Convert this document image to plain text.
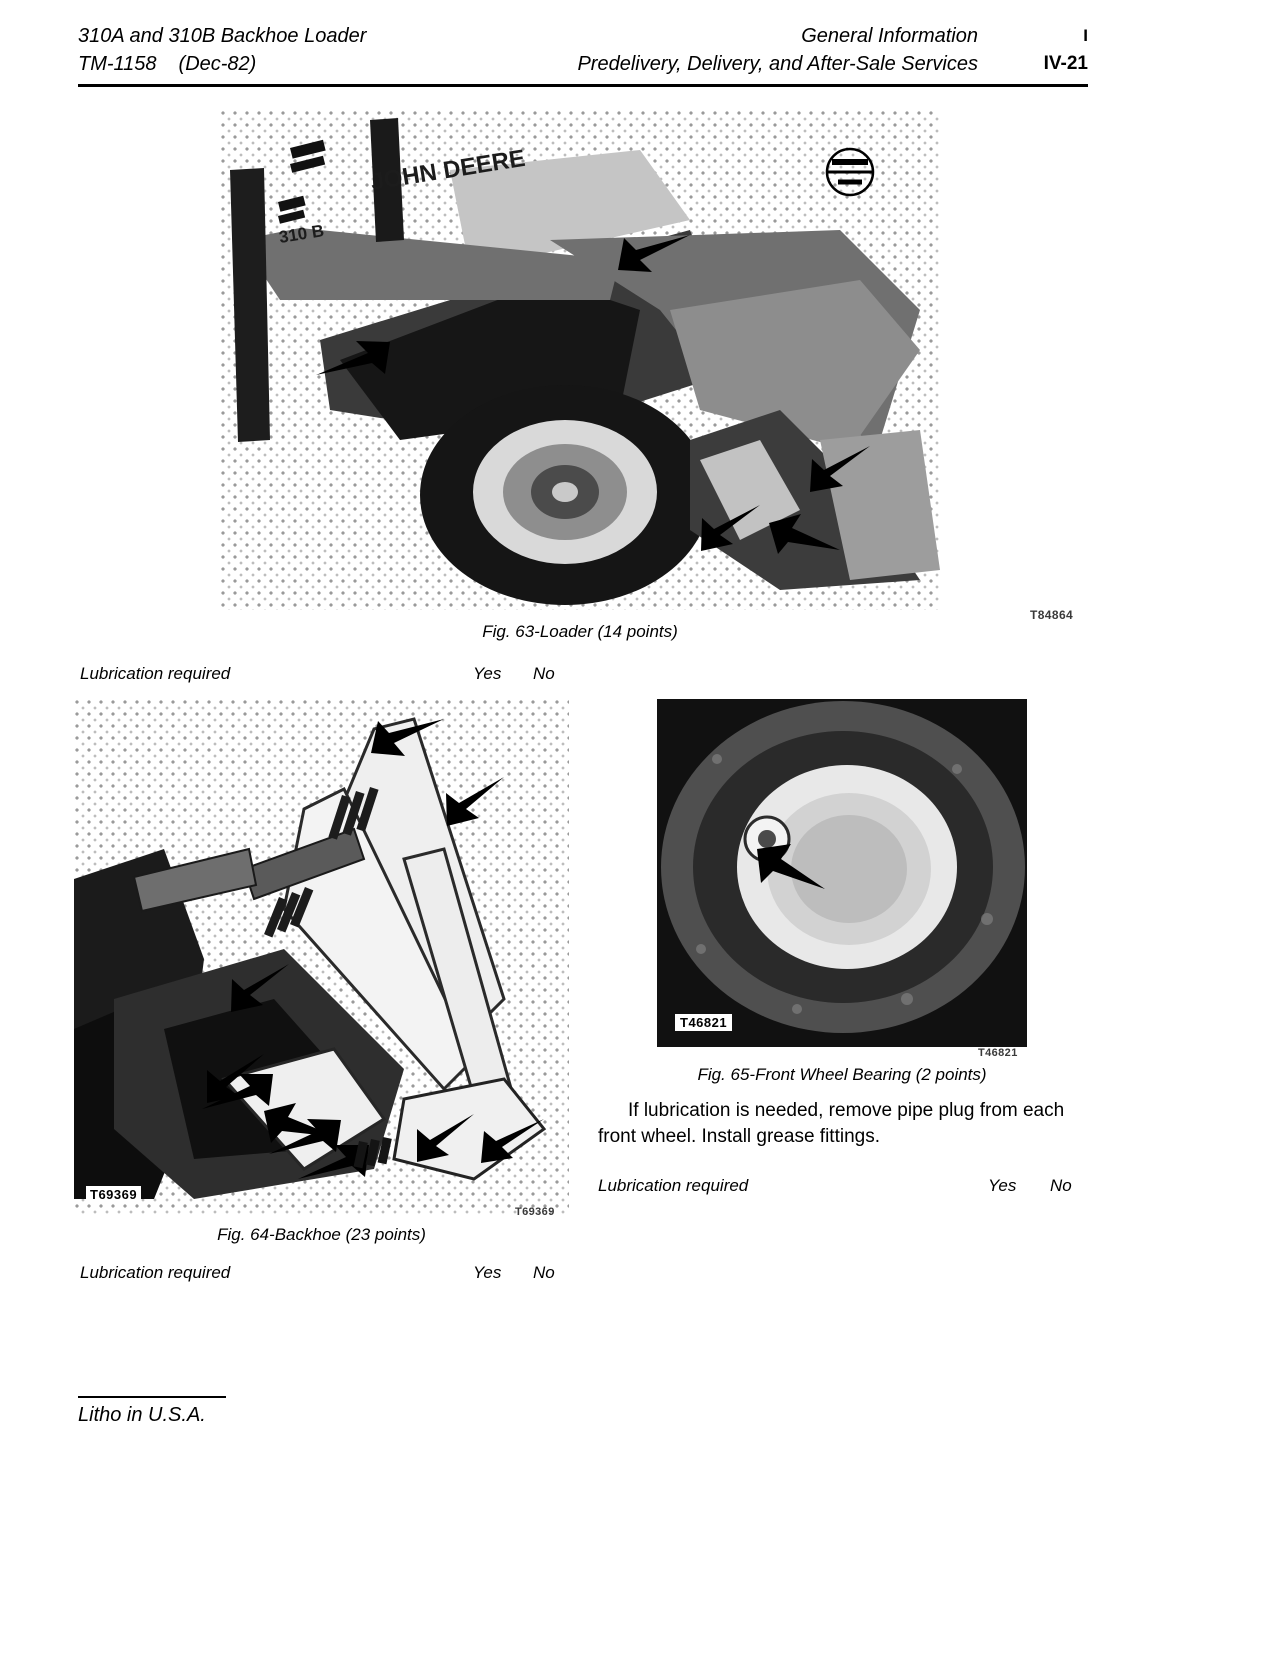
310A and 310B Backhoe Loader
TM-1158 (Dec-82)
General Information
Predelivery, Delivery, and After-Sale Services
I
IV-21
JOHN DEERE
310 B
T84864
Fig. 63-Loader (14 points)
Lubrication required	Yes No
T69369
T69369
Fig. 64-Backhoe (23 points)
Lubrication required	Yes No
T46821
T46821
Fig. 65-Front Wheel Bearing (2 points)
If lubrication is needed, remove pipe plug from each front wheel. Install grease fittings.
Lubrication required	Yes No
Litho in U.S.A.
